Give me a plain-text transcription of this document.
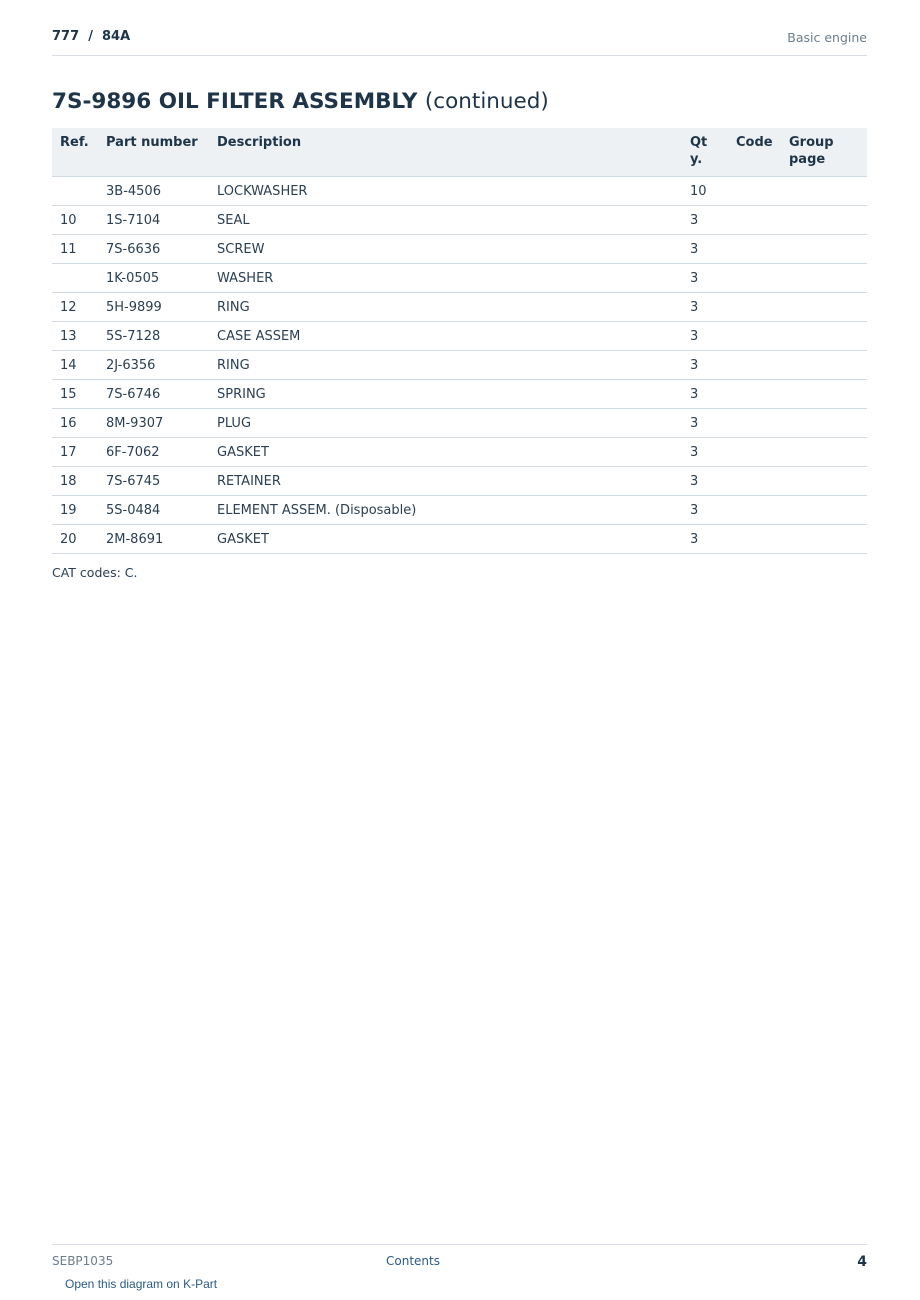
777  /  84A	Basic engine
7S-9896 OIL FILTER ASSEMBLY (continued)
Ref.	Part number	Description	Qty.	Code	Group page
	3B-4506	LOCKWASHER	10		
10	1S-7104	SEAL	3		
11	7S-6636	SCREW	3		
	1K-0505	WASHER	3		
12	5H-9899	RING	3		
13	5S-7128	CASE ASSEM	3		
14	2J-6356	RING	3		
15	7S-6746	SPRING	3		
16	8M-9307	PLUG	3		
17	6F-7062	GASKET	3		
18	7S-6745	RETAINER	3		
19	5S-0484	ELEMENT ASSEM. (Disposable)	3		
20	2M-8691	GASKET	3		
CAT codes: C.
SEBP1035	Contents	4
Open this diagram on K-Part
